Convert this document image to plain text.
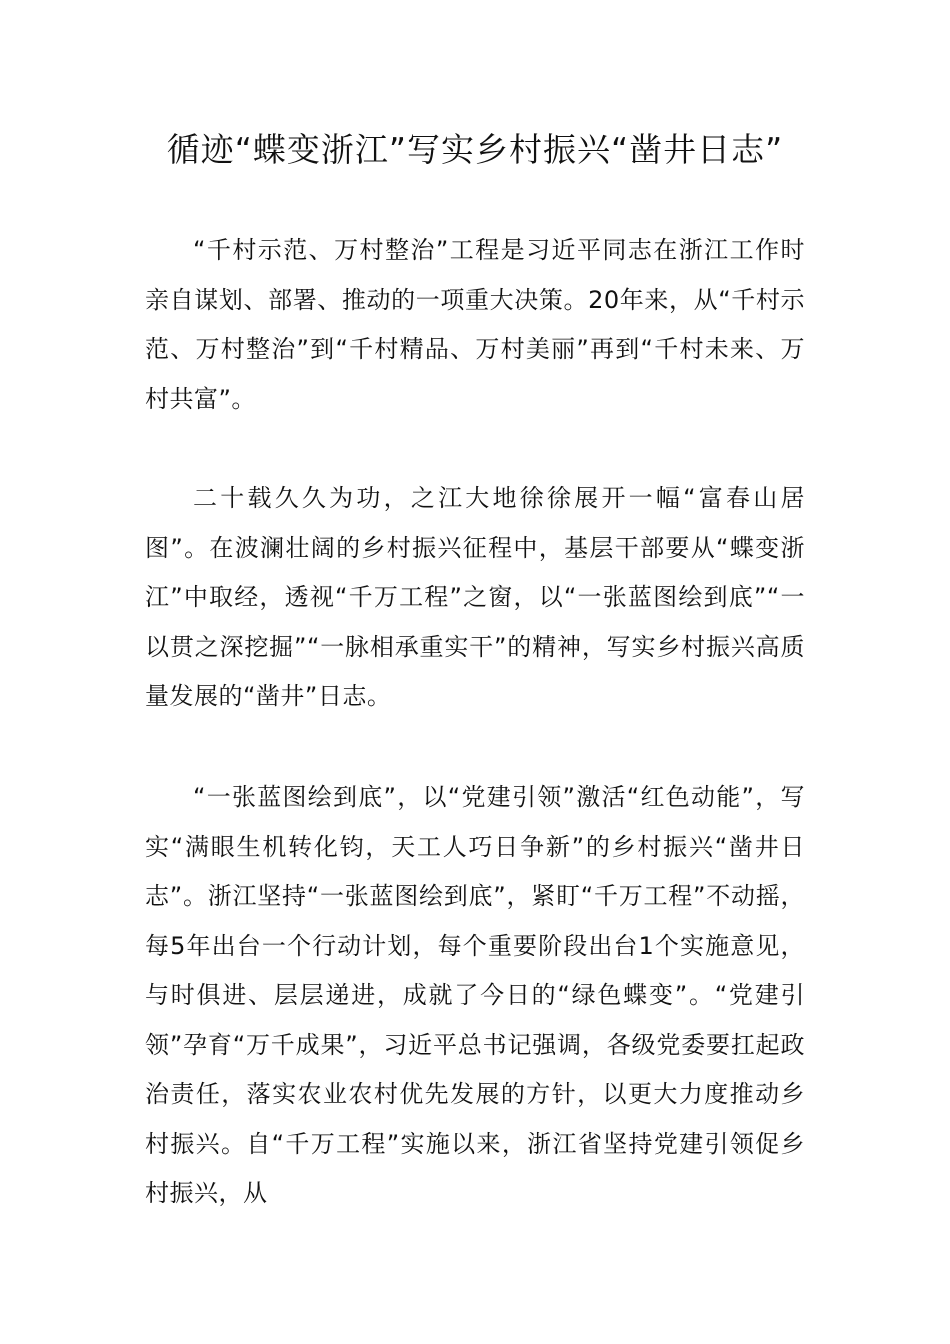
循迹“蝶变浙江”写实乡村振兴“凿井日志”

“千村示范、万村整治”工程是习近平同志在浙江工作时亲自谋划、部署、推动的一项重大决策。20年来，从“千村示范、万村整治”到“千村精品、万村美丽”再到“千村未来、万村共富”。

二十载久久为功，之江大地徐徐展开一幅“富春山居图”。在波澜壮阔的乡村振兴征程中，基层干部要从“蝶变浙江”中取经，透视“千万工程”之窗，以“一张蓝图绘到底”“一以贯之深挖掘”“一脉相承重实干”的精神，写实乡村振兴高质量发展的“凿井”日志。

“一张蓝图绘到底”，以“党建引领”激活“红色动能”，写实“满眼生机转化钧，天工人巧日争新”的乡村振兴“凿井日志”。浙江坚持“一张蓝图绘到底”，紧盯“千万工程”不动摇，每5年出台一个行动计划，每个重要阶段出台1个实施意见，与时俱进、层层递进，成就了今日的“绿色蝶变”。“党建引领”孕育“万千成果”，习近平总书记强调，各级党委要扛起政治责任，落实农业农村优先发展的方针，以更大力度推动乡村振兴。自“千万工程”实施以来，浙江省坚持党建引领促乡村振兴，从
